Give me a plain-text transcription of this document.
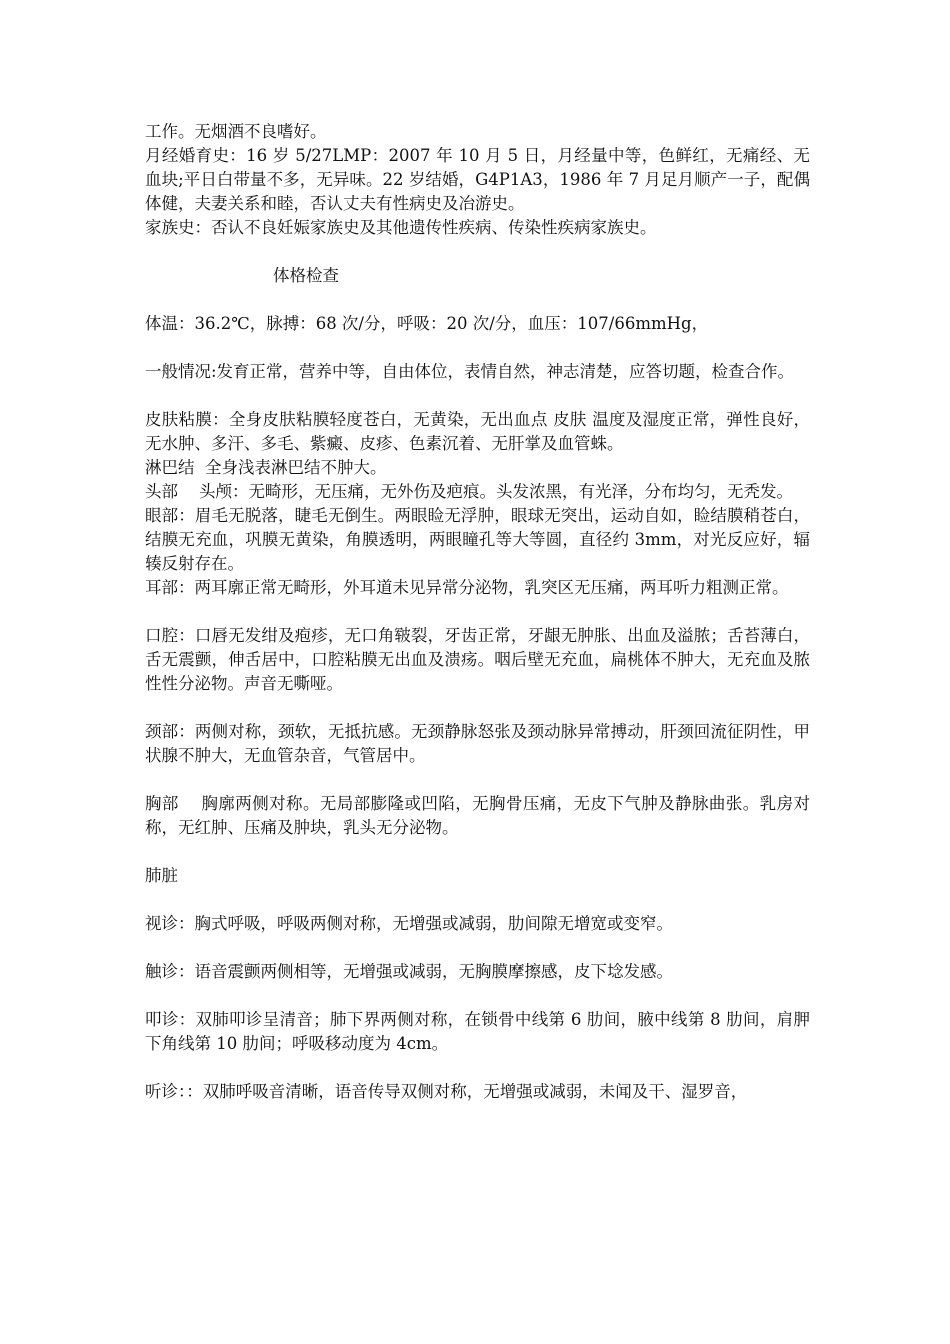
工作。无烟酒不良嗜好。

月经婚育史：16 岁 5/27LMP：2007 年 10 月 5 日，月经量中等，色鲜红，无痛经、无血块;平日白带量不多，无异味。22 岁结婚，G4P1A3，1986 年 7 月足月顺产一子，配偶体健，夫妻关系和睦，否认丈夫有性病史及冶游史。

家族史：否认不良妊娠家族史及其他遗传性疾病、传染性疾病家族史。

体格检查

体温：36.2℃，脉搏：68 次/分，呼吸：20 次/分，血压：107/66mmHg，

一般情况:发育正常，营养中等，自由体位，表情自然，神志清楚，应答切题，检查合作。

皮肤粘膜：全身皮肤粘膜轻度苍白，无黄染，无出血点 皮肤 温度及湿度正常，弹性良好，无水肿、多汗、多毛、紫癜、皮疹、色素沉着、无肝掌及血管蛛。

淋巴结  全身浅表淋巴结不肿大。

头部    头颅：无畸形，无压痛，无外伤及疤痕。头发浓黑，有光泽，分布均匀，无秃发。

眼部：眉毛无脱落，睫毛无倒生。两眼睑无浮肿，眼球无突出，运动自如，睑结膜稍苍白，结膜无充血，巩膜无黄染，角膜透明，两眼瞳孔等大等圆，直径约 3mm，对光反应好，辐辏反射存在。

耳部：两耳廓正常无畸形，外耳道未见异常分泌物，乳突区无压痛，两耳听力粗测正常。

口腔：口唇无发绀及疱疹，无口角皲裂，牙齿正常，牙龈无肿胀、出血及溢脓；舌苔薄白，舌无震颤，伸舌居中，口腔粘膜无出血及溃疡。咽后壁无充血，扁桃体不肿大，无充血及脓性性分泌物。声音无嘶哑。

颈部：两侧对称，颈软，无抵抗感。无颈静脉怒张及颈动脉异常搏动，肝颈回流征阴性，甲状腺不肿大，无血管杂音，气管居中。

胸部    胸廓两侧对称。无局部膨隆或凹陷，无胸骨压痛，无皮下气肿及静脉曲张。乳房对称，无红肿、压痛及肿块，乳头无分泌物。

肺脏

视诊：胸式呼吸，呼吸两侧对称，无增强或减弱，肋间隙无增宽或变窄。

触诊：语音震颤两侧相等，无增强或减弱，无胸膜摩擦感，皮下埝发感。

叩诊：双肺叩诊呈清音；肺下界两侧对称，在锁骨中线第 6 肋间，腋中线第 8 肋间，肩胛下角线第 10 肋间；呼吸移动度为 4cm。

听诊：：双肺呼吸音清晰，语音传导双侧对称，无增强或减弱，未闻及干、湿罗音，
